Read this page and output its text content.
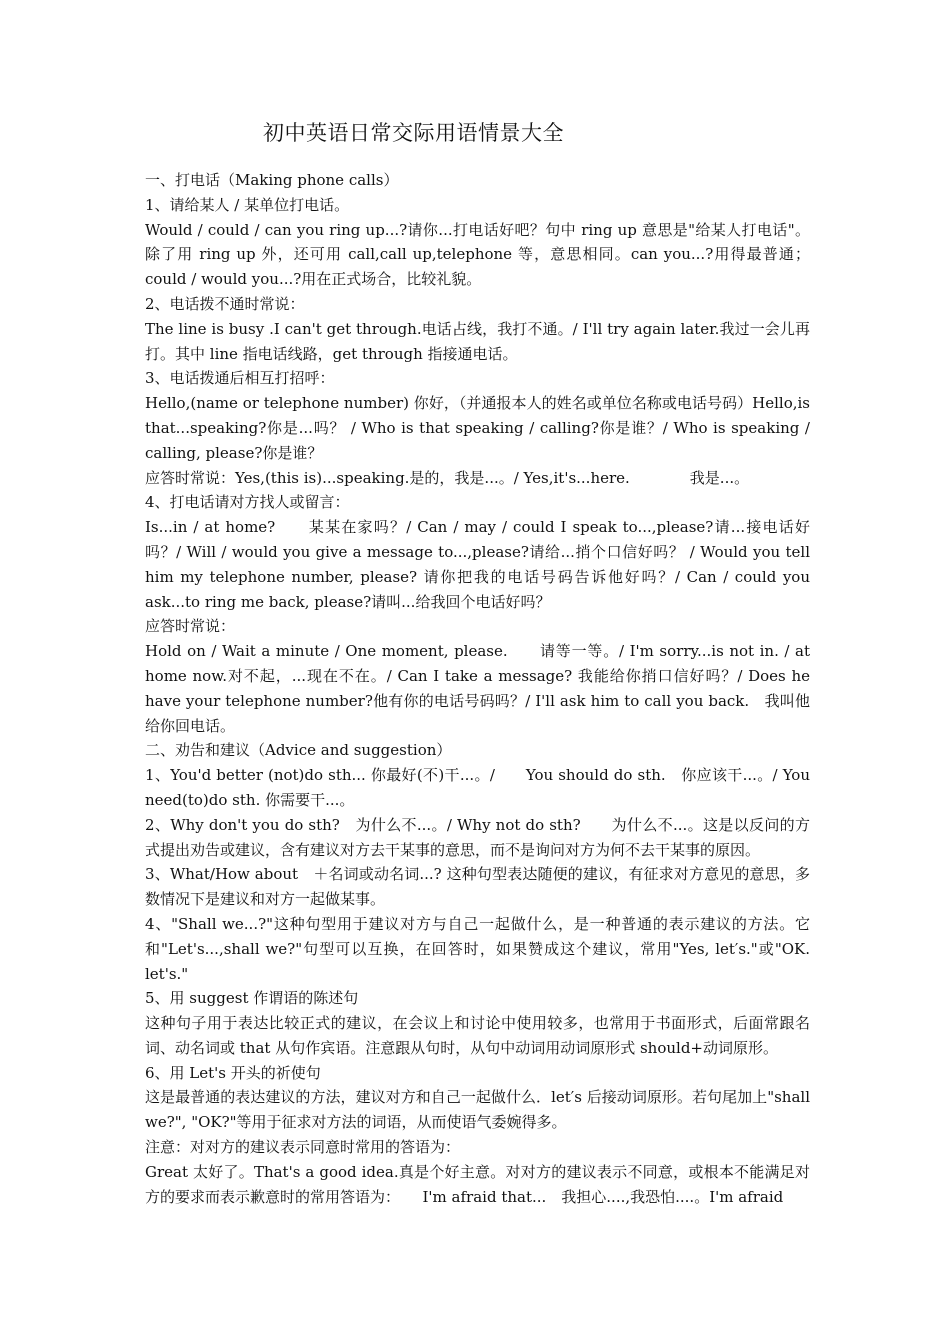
初中英语日常交际用语情景大全
一、打电话（Making phone calls）
1、请给某人 / 某单位打电话。
Would / could / can you ring up...?请你...打电话好吧？句中 ring up 意思是"给某人打电话"。除了用 ring up 外，还可用 call,call up,telephone 等，意思相同。can you...?用得最普通；could / would you...?用在正式场合，比较礼貌。
2、电话拨不通时常说：
The line is busy .I can't get through.电话占线，我打不通。/ I'll try again later.我过一会儿再打。其中 line 指电话线路，get through 指接通电话。
3、电话拨通后相互打招呼：
Hello,(name or telephone number) 你好，（并通报本人的姓名或单位名称或电话号码）Hello,is that...speaking?你是...吗？ / Who is that speaking / calling?你是谁？/ Who is speaking / calling, please?你是谁？
应答时常说：Yes,(this is)...speaking.是的，我是...。/ Yes,it's...here.　　　　我是...。
4、打电话请对方找人或留言：
Is...in / at home?　　某某在家吗？/ Can / may / could I speak to...,please?请...接电话好吗？/ Will / would you give a message to...,please?请给...捎个口信好吗？ / Would you tell him my telephone number, please? 请你把我的电话号码告诉他好吗？/ Can / could you ask...to ring me back, please?请叫...给我回个电话好吗？
应答时常说：
Hold on / Wait a minute / One moment, please.　　请等一等。/ I'm sorry...is not in. / at home now.对不起，...现在不在。/ Can I take a message? 我能给你捎口信好吗？/ Does he have your telephone number?他有你的电话号码吗？/ I'll ask him to call you back.　我叫他给你回电话。
二、劝告和建议（Advice and suggestion）
1、You'd better (not)do sth... 你最好(不)干...。/　　You should do sth.　你应该干...。/ You need(to)do sth. 你需要干...。
2、Why don't you do sth?　为什么不...。/ Why not do sth?　　为什么不...。这是以反问的方式提出劝告或建议，含有建议对方去干某事的意思，而不是询问对方为何不去干某事的原因。
3、What/How about　＋名词或动名词...? 这种句型表达随便的建议，有征求对方意见的意思，多数情况下是建议和对方一起做某事。
4、"Shall we...?"这种句型用于建议对方与自己一起做什么，是一种普通的表示建议的方法。它和"Let's...,shall we?"句型可以互换，在回答时，如果赞成这个建议，常用"Yes, let′s."或"OK. let's."
5、用 suggest 作谓语的陈述句
这种句子用于表达比较正式的建议，在会议上和讨论中使用较多，也常用于书面形式，后面常跟名词、动名词或 that 从句作宾语。注意跟从句时，从句中动词用动词原形式 should+动词原形。
6、用 Let's 开头的祈使句
这是最普通的表达建议的方法，建议对方和自己一起做什么．let′s 后接动词原形。若句尾加上"shall we?", "OK?"等用于征求对方法的词语，从而使语气委婉得多。
注意：对对方的建议表示同意时常用的答语为：
Great 太好了。That's a good idea.真是个好主意。对对方的建议表示不同意，或根本不能满足对方的要求而表示歉意时的常用答语为：　　I'm afraid that...　我担心....,我恐怕....。I'm afraid
